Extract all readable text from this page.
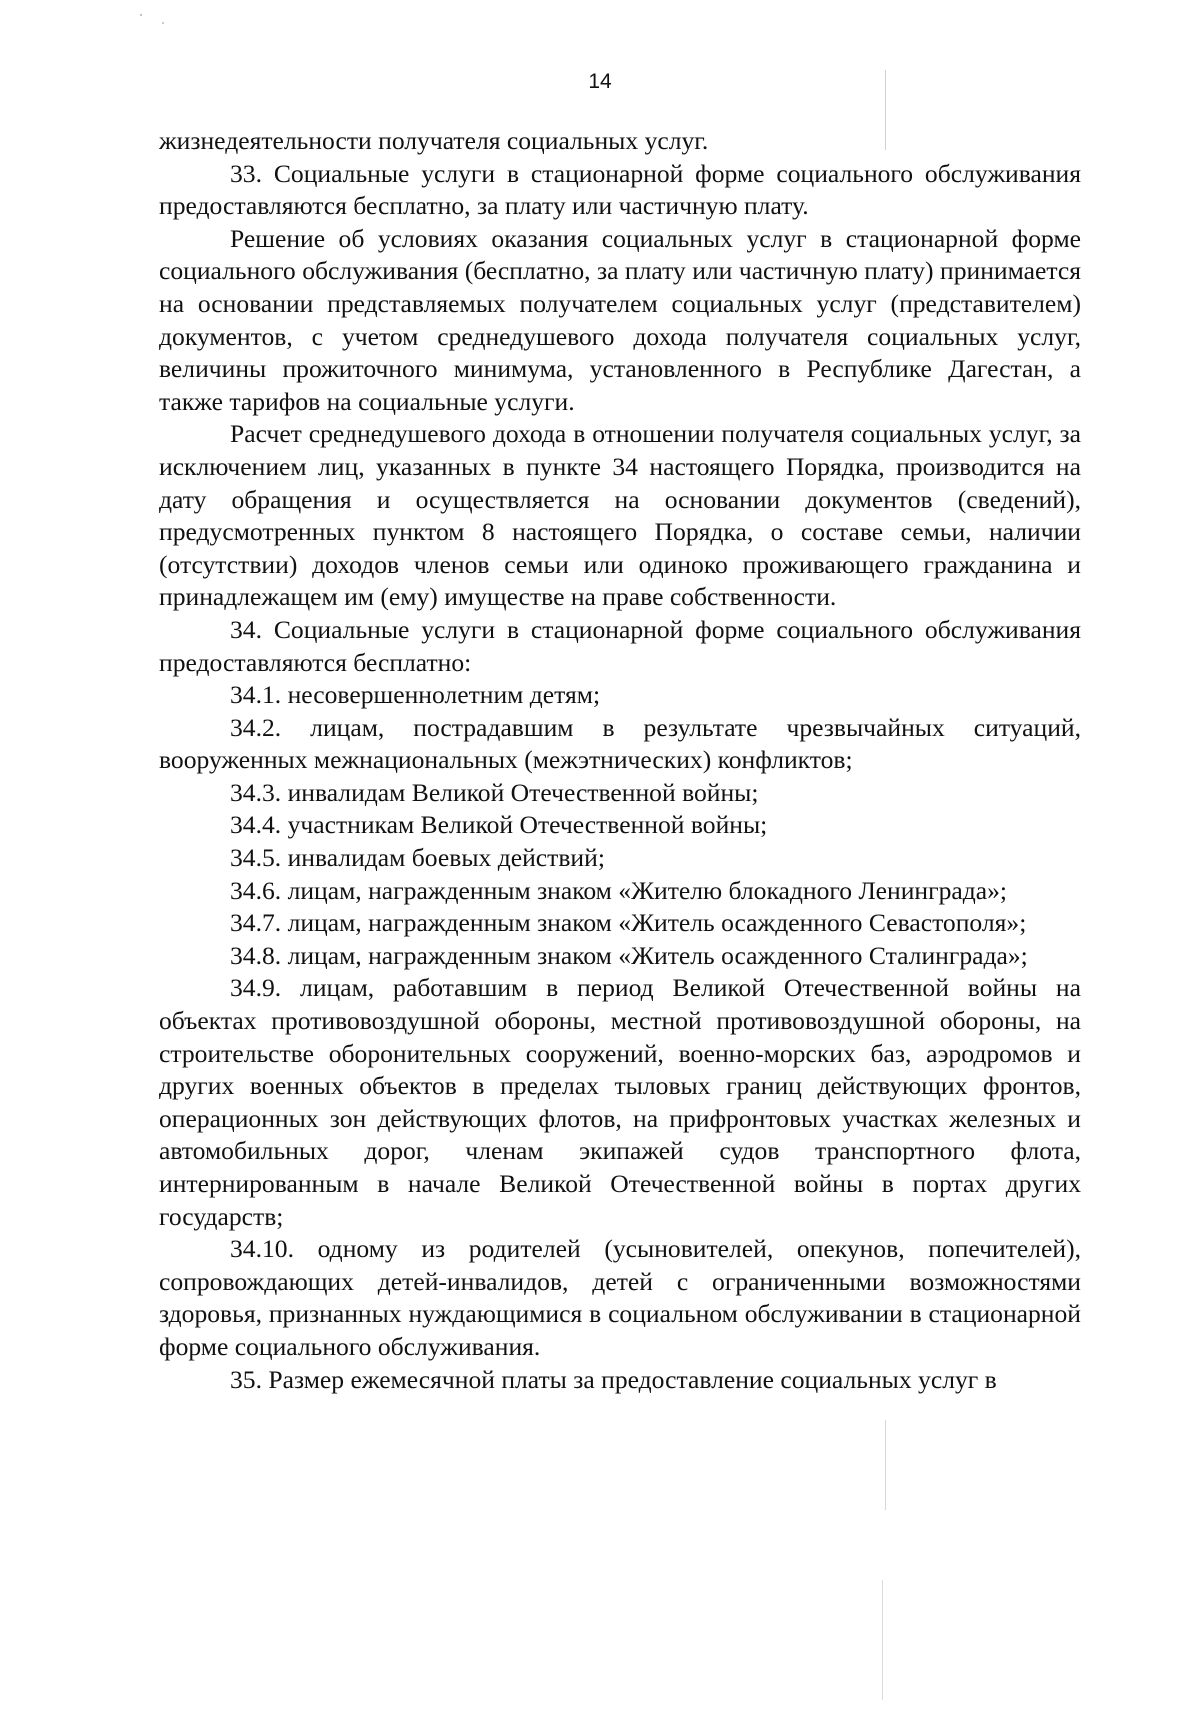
14

жизнедеятельности получателя социальных услуг.

33. Социальные услуги в стационарной форме социального обслуживания предоставляются бесплатно, за плату или частичную плату.

Решение об условиях оказания социальных услуг в стационарной форме социального обслуживания (бесплатно, за плату или частичную плату) принимается на основании представляемых получателем социальных услуг (представителем) документов, с учетом среднедушевого дохода получателя социальных услуг, величины прожиточного минимума, установленного в Республике Дагестан, а также тарифов на социальные услуги.

Расчет среднедушевого дохода в отношении получателя социальных услуг, за исключением лиц, указанных в пункте 34 настоящего Порядка, производится на дату обращения и осуществляется на основании документов (сведений), предусмотренных пунктом 8 настоящего Порядка, о составе семьи, наличии (отсутствии) доходов членов семьи или одиноко проживающего гражданина и принадлежащем им (ему) имуществе на праве собственности.

34. Социальные услуги в стационарной форме социального обслуживания предоставляются бесплатно:

34.1. несовершеннолетним детям;

34.2. лицам, пострадавшим в результате чрезвычайных ситуаций, вооруженных межнациональных (межэтнических) конфликтов;

34.3. инвалидам Великой Отечественной войны;

34.4. участникам Великой Отечественной войны;

34.5. инвалидам боевых действий;

34.6. лицам, награжденным знаком «Жителю блокадного Ленинграда»;

34.7. лицам, награжденным знаком «Житель осажденного Севастополя»;

34.8. лицам, награжденным знаком «Житель осажденного Сталинграда»;

34.9. лицам, работавшим в период Великой Отечественной войны на объектах противовоздушной обороны, местной противовоздушной обороны, на строительстве оборонительных сооружений, военно-морских баз, аэродромов и других военных объектов в пределах тыловых границ действующих фронтов, операционных зон действующих флотов, на прифронтовых участках железных и автомобильных дорог, членам экипажей судов транспортного флота, интернированным в начале Великой Отечественной войны в портах других государств;

34.10. одному из родителей (усыновителей, опекунов, попечителей), сопровождающих детей-инвалидов, детей с ограниченными возможностями здоровья, признанных нуждающимися в социальном обслуживании в стационарной форме социального обслуживания.

35. Размер ежемесячной платы за предоставление социальных услуг в
